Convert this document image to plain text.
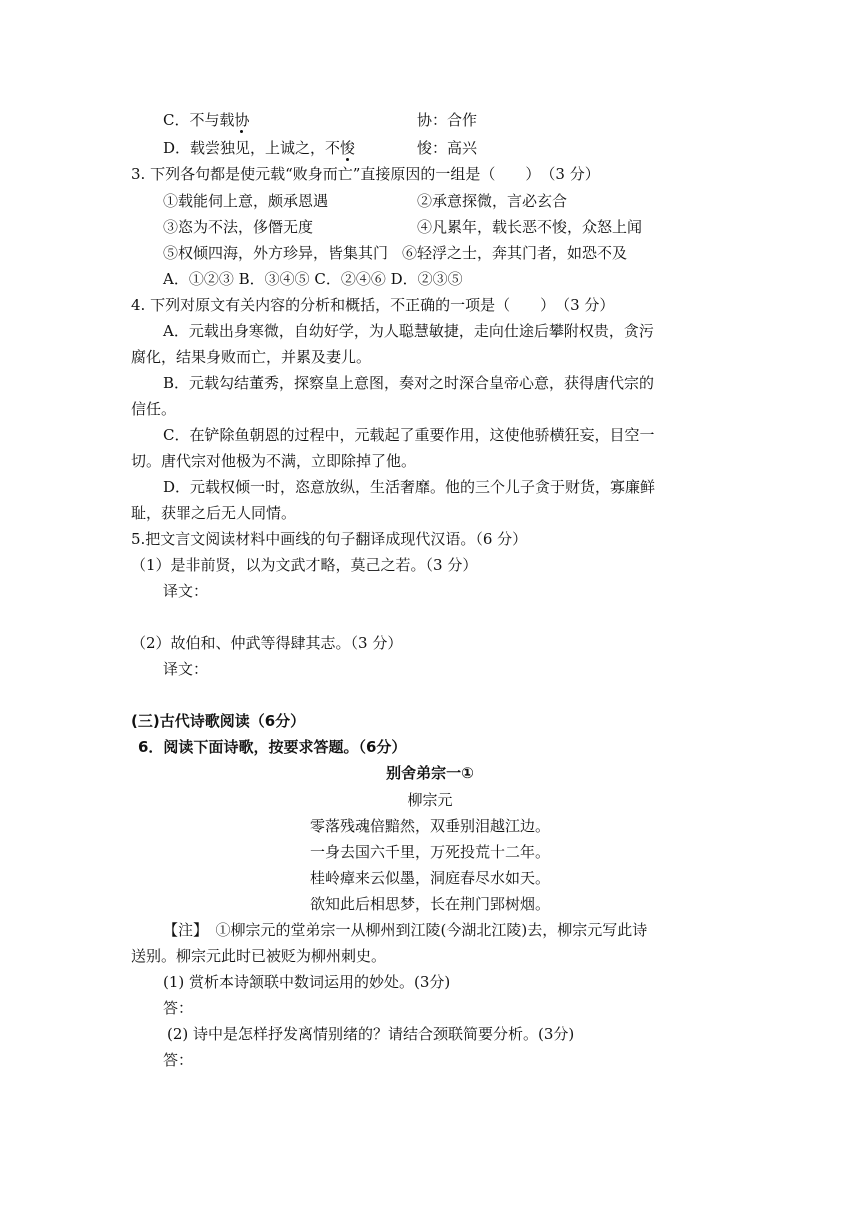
C．不与载协	协：合作
D．载尝独见，上诚之，不悛	悛：高兴
3. 下列各句都是使元载“败身而亡”直接原因的一组是（　　）　（3 分）
①载能伺上意，颇承恩遇	②承意探微，言必玄合
③恣为不法，侈僭无度	④凡累年，载长恶不悛，众怒上闻
⑤权倾四海，外方珍异，皆集其门 ⑥轻浮之士，奔其门者，如恐不及
A．①②③ B．③④⑤ C．②④⑥ D．②③⑤
4. 下列对原文有关内容的分析和概括，不正确的一项是（　　）　（3 分）
A．元载出身寒微，自幼好学，为人聪慧敏捷，走向仕途后攀附权贵，贪污
腐化，结果身败而亡，并累及妻儿。
B．元载勾结董秀，探察皇上意图，奏对之时深合皇帝心意，获得唐代宗的
信任。
C．在铲除鱼朝恩的过程中，元载起了重要作用，这使他骄横狂妄，目空一
切。唐代宗对他极为不满，立即除掉了他。
D．元载权倾一时，恣意放纵，生活奢靡。他的三个儿子贪于财货，寡廉鲜
耻，获罪之后无人同情。
5.把文言文阅读材料中画线的句子翻译成现代汉语。（6 分）
（1）是非前贤，以为文武才略，莫己之若。（3 分）
译文：
（2）故伯和、仲武等得肆其志。（3 分）
译文：
(三)古代诗歌阅读（6分）
6．阅读下面诗歌，按要求答题。（6分）
别舍弟宗一①
柳宗元
零落残魂倍黯然，双垂别泪越江边。
一身去国六千里，万死投荒十二年。
桂岭瘴来云似墨，洞庭春尽水如天。
欲知此后相思梦，长在荆门郢树烟。
【注】　①柳宗元的堂弟宗一从柳州到江陵(今湖北江陵)去，柳宗元写此诗
送别。柳宗元此时已被贬为柳州刺史。
(1) 赏析本诗颔联中数词运用的妙处。(3分)
答：
(2) 诗中是怎样抒发离情别绪的？请结合颈联简要分析。(3分)
答：
